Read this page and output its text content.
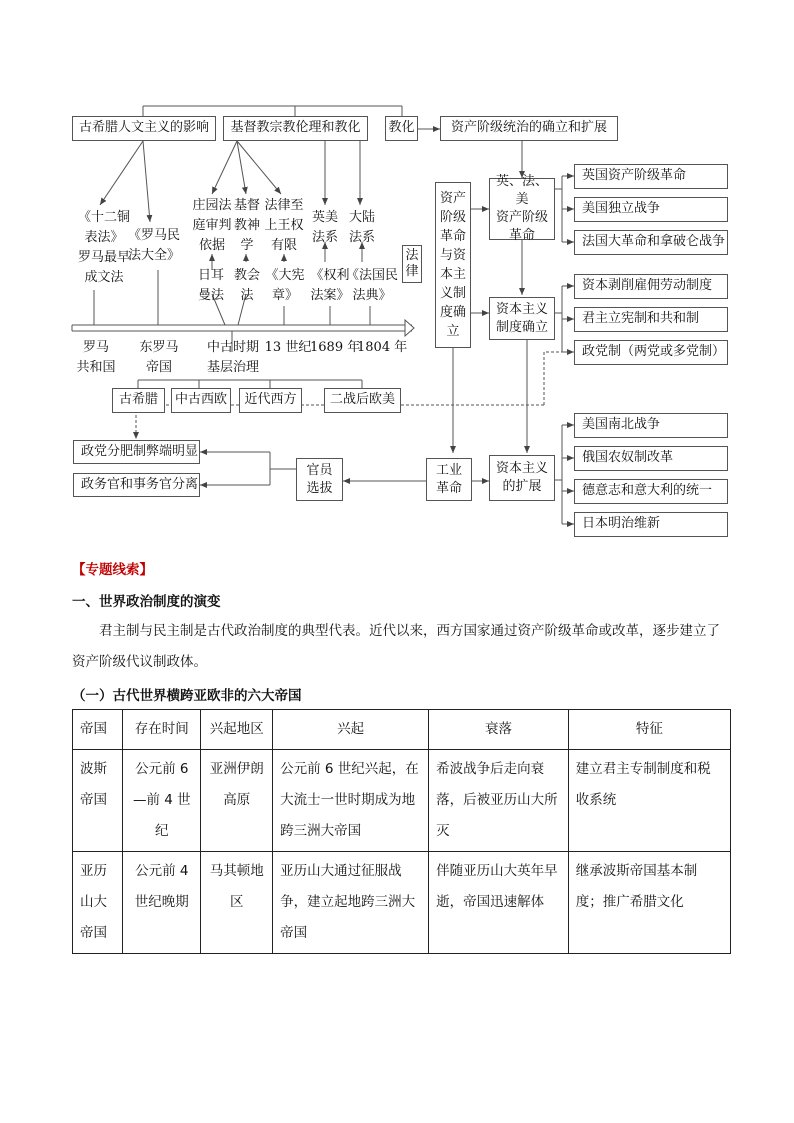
古希腊人文主义的影响 基督教宗教伦理和教化 教化	资产阶级统治的确立和扩展
《十二铜
表法》
罗马最早
成文法
《罗马民
法大全》
庄园法
庭审判
依据
基督
教神
学
法律至
上王权
有限
英美
法系
大陆
法系
日耳
曼法
教会
法
《大宪
章》
《权利
法案》
《法国民
法典》
法
律
罗马
共和国
东罗马
帝国
中古时期
基层治理
13 世纪
1689 年
1804 年
古希腊 中古西欧 近代西方	二战后欧美
资产
阶级
革命
与资
本主
义制
度确
立
英、法、美
资产阶级
革命
英国资产阶级革命
美国独立战争
法国大革命和拿破仑战争
资本主义
制度确立
资本剥削雇佣劳动制度
君主立宪制和共和制
政党制（两党或多党制）
政党分肥制弊端明显
政务官和事务官分离
官员
选拔
工业
革命
资本主义
的扩展
美国南北战争
俄国农奴制改革
德意志和意大利的统一
日本明治维新
【专题线索】
一、世界政治制度的演变
君主制与民主制是古代政治制度的典型代表。近代以来，西方国家通过资产阶级革命或改革，逐步建立了资产阶级代议制政体。
（一）古代世界横跨亚欧非的六大帝国
帝国	存在时间	兴起地区	兴起	衰落	特征
波斯帝国	公元前 6—前 4 世纪	亚洲伊朗高原	公元前 6 世纪兴起，在大流士一世时期成为地跨三洲大帝国	希波战争后走向衰落，后被亚历山大所灭	建立君主专制制度和税收系统
亚历山大帝国	公元前 4 世纪晚期	马其顿地区	亚历山大通过征服战争，建立起地跨三洲大帝国	伴随亚历山大英年早逝，帝国迅速解体	继承波斯帝国基本制度；推广希腊文化
